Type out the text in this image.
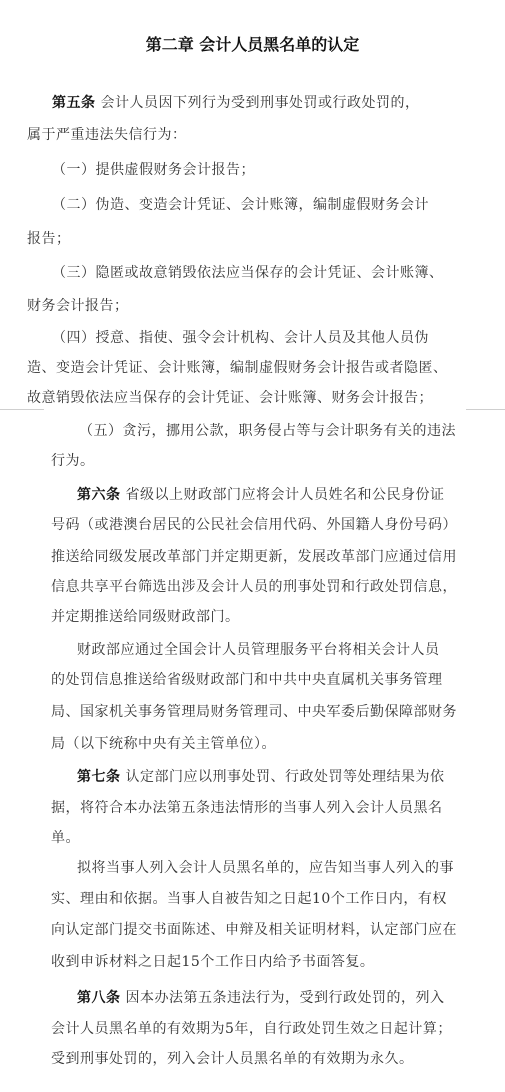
第二章 会计人员黑名单的认定
第五条 会计人员因下列行为受到刑事处罚或行政处罚的，
属于严重违法失信行为：
（一）提供虚假财务会计报告；
（二）伪造、变造会计凭证、会计账簿，编制虚假财务会计
报告；
（三）隐匿或故意销毁依法应当保存的会计凭证、会计账簿、
财务会计报告；
（四）授意、指使、强令会计机构、会计人员及其他人员伪
造、变造会计凭证、会计账簿，编制虚假财务会计报告或者隐匿、
故意销毁依法应当保存的会计凭证、会计账簿、财务会计报告；
（五）贪污，挪用公款，职务侵占等与会计职务有关的违法
行为。
第六条 省级以上财政部门应将会计人员姓名和公民身份证
号码（或港澳台居民的公民社会信用代码、外国籍人身份号码）
推送给同级发展改革部门并定期更新，发展改革部门应通过信用
信息共享平台筛选出涉及会计人员的刑事处罚和行政处罚信息，
并定期推送给同级财政部门。
财政部应通过全国会计人员管理服务平台将相关会计人员
的处罚信息推送给省级财政部门和中共中央直属机关事务管理
局、国家机关事务管理局财务管理司、中央军委后勤保障部财务
局（以下统称中央有关主管单位）。
第七条 认定部门应以刑事处罚、行政处罚等处理结果为依
据，将符合本办法第五条违法情形的当事人列入会计人员黑名
单。
拟将当事人列入会计人员黑名单的，应告知当事人列入的事
实、理由和依据。当事人自被告知之日起10个工作日内，有权
向认定部门提交书面陈述、申辩及相关证明材料，认定部门应在
收到申诉材料之日起15个工作日内给予书面答复。
第八条 因本办法第五条违法行为，受到行政处罚的，列入
会计人员黑名单的有效期为5年，自行政处罚生效之日起计算；
受到刑事处罚的，列入会计人员黑名单的有效期为永久。
